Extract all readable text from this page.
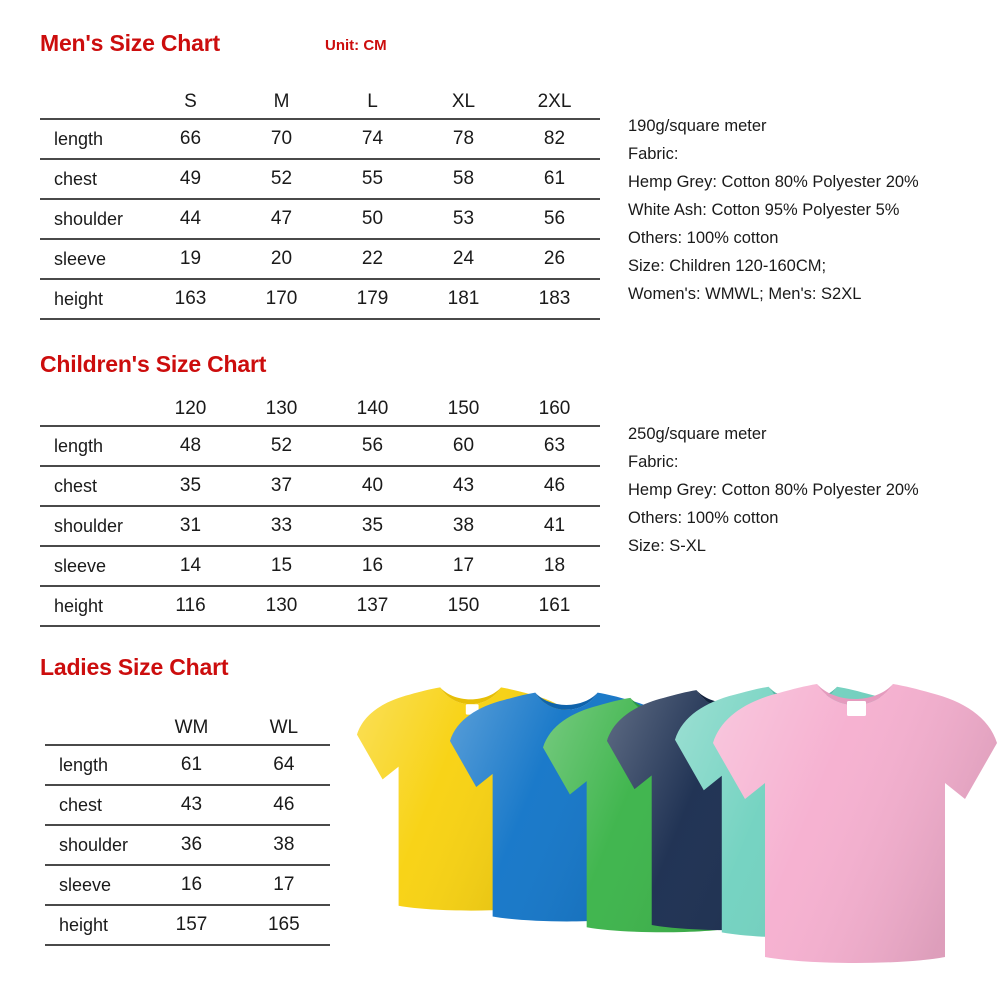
Men's Size Chart	Unit: CM
	S	M	L	XL	2XL
length	66	70	74	78	82
chest	49	52	55	58	61
shoulder	44	47	50	53	56
sleeve	19	20	22	24	26
height	163	170	179	181	183
190g/square meter
Fabric:
Hemp Grey: Cotton 80% Polyester 20%
White Ash: Cotton 95% Polyester 5%
Others: 100% cotton
Size: Children 120-160CM;
Women's: WMWL; Men's: S2XL
Children's Size Chart
	120	130	140	150	160
length	48	52	56	60	63
chest	35	37	40	43	46
shoulder	31	33	35	38	41
sleeve	14	15	16	17	18
height	116	130	137	150	161
250g/square meter
Fabric:
Hemp Grey: Cotton 80% Polyester 20%
Others: 100% cotton
Size: S-XL
Ladies Size Chart
	WM	WL
length	61	64
chest	43	46
shoulder	36	38
sleeve	16	17
height	157	165
